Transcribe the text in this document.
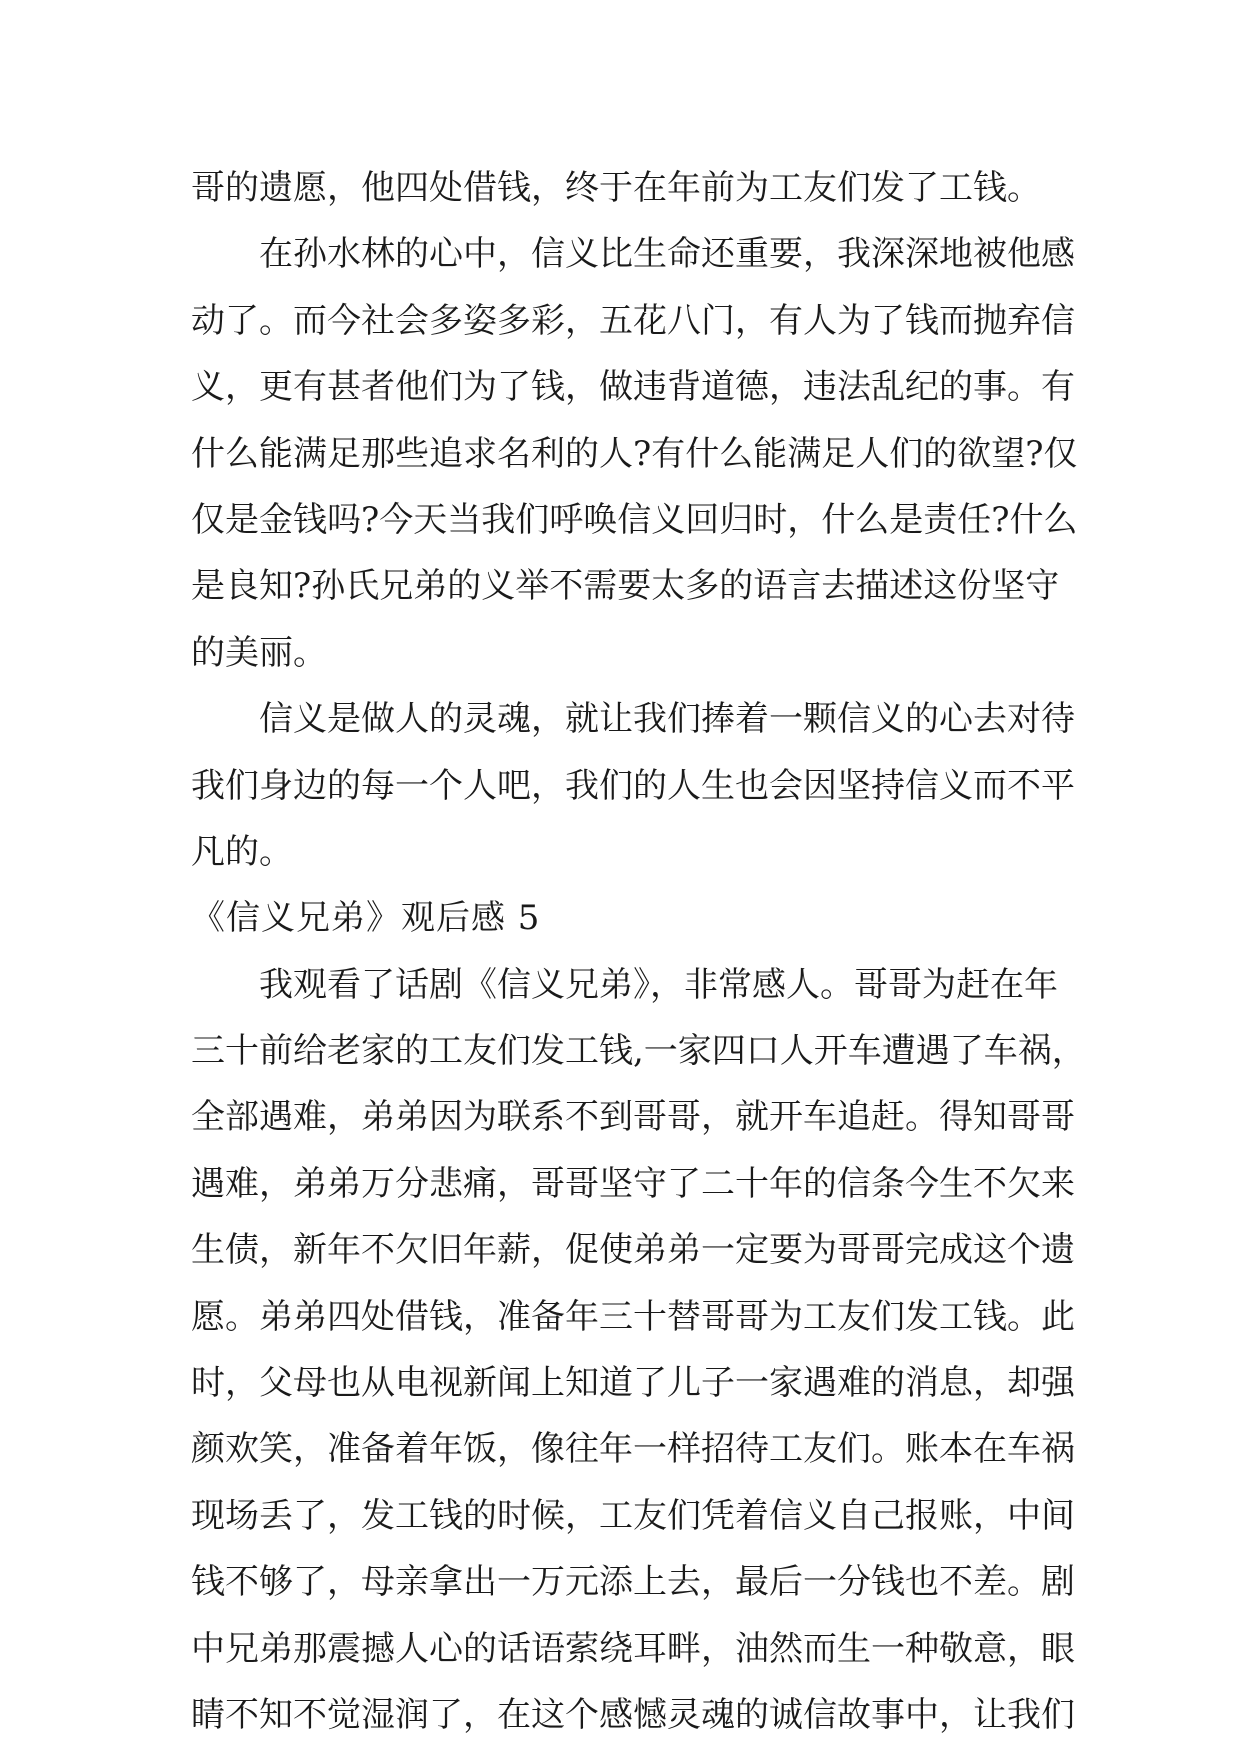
哥的遗愿，他四处借钱，终于在年前为工友们发了工钱。
　　在孙水林的心中，信义比生命还重要，我深深地被他感
动了。而今社会多姿多彩，五花八门，有人为了钱而抛弃信
义，更有甚者他们为了钱，做违背道德，违法乱纪的事。有
什么能满足那些追求名利的人?有什么能满足人们的欲望?仅
仅是金钱吗?今天当我们呼唤信义回归时，什么是责任?什么
是良知?孙氏兄弟的义举不需要太多的语言去描述这份坚守
的美丽。
　　信义是做人的灵魂，就让我们捧着一颗信义的心去对待
我们身边的每一个人吧，我们的人生也会因坚持信义而不平
凡的。
《信义兄弟》观后感 5
　　我观看了话剧《信义兄弟》，非常感人。哥哥为赶在年
三十前给老家的工友们发工钱,一家四口人开车遭遇了车祸，
全部遇难，弟弟因为联系不到哥哥，就开车追赶。得知哥哥
遇难，弟弟万分悲痛，哥哥坚守了二十年的信条今生不欠来
生债，新年不欠旧年薪，促使弟弟一定要为哥哥完成这个遗
愿。弟弟四处借钱，准备年三十替哥哥为工友们发工钱。此
时，父母也从电视新闻上知道了儿子一家遇难的消息，却强
颜欢笑，准备着年饭，像往年一样招待工友们。账本在车祸
现场丢了，发工钱的时候，工友们凭着信义自己报账，中间
钱不够了，母亲拿出一万元添上去，最后一分钱也不差。剧
中兄弟那震撼人心的话语萦绕耳畔，油然而生一种敬意，眼
睛不知不觉湿润了，在这个感憾灵魂的诚信故事中，让我们
